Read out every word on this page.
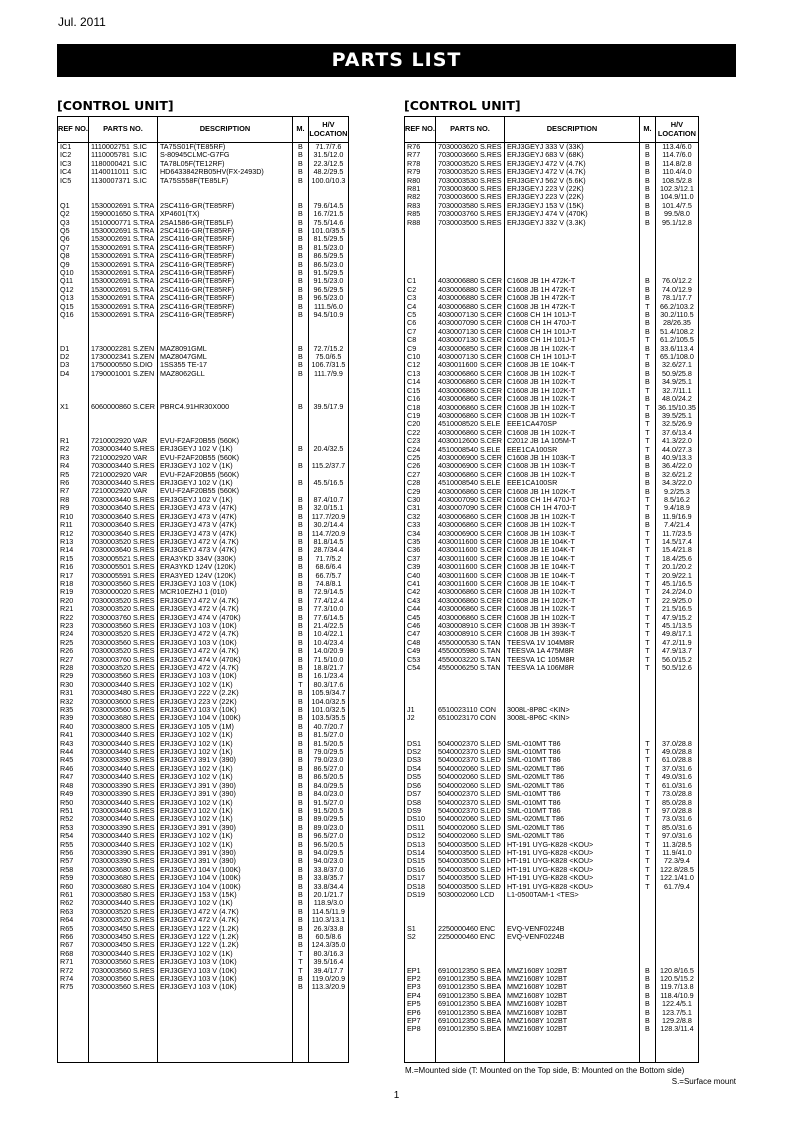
Jul. 2011
PARTS LIST
[CONTROL UNIT]	[CONTROL UNIT]
REF NO.	PARTS NO.		DESCRIPTION	M.	H/V LOCATION
IC1	1110002751	S.IC	TA75S01F(TE85RF)	B	71.7/7.6
IC2	1110005781	S.IC	S-80945CLMC-G7FG	B	31.5/12.0
IC3	1180000421	S.IC	TA78L05F(TE12RF)	B	22.3/12.5
IC4	1140011011	S.IC	HD6433842RB05HV(FX-2493D)	B	48.2/29.5
IC5	1130007371	S.IC	TA75S558F(TE85LF)	B	100.0/10.3

Q1	1530002691	S.TRA	2SC4116-GR(TE85RF)	B	79.6/14.5
Q2	1590001650	S.TRA	XP4601(TX)	B	16.7/21.5
Q3	1510000771	S.TRA	2SA1586-GR(TE85LF)	B	75.5/14.6
Q5	1530002691	S.TRA	2SC4116-GR(TE85RF)	B	101.0/35.5
Q6	1530002691	S.TRA	2SC4116-GR(TE85RF)	B	81.5/29.5
Q7	1530002691	S.TRA	2SC4116-GR(TE85RF)	B	81.5/23.0
Q8	1530002691	S.TRA	2SC4116-GR(TE85RF)	B	86.5/29.5
Q9	1530002691	S.TRA	2SC4116-GR(TE85RF)	B	86.5/23.0
Q10	1530002691	S.TRA	2SC4116-GR(TE85RF)	B	91.5/29.5
Q11	1530002691	S.TRA	2SC4116-GR(TE85RF)	B	91.5/23.0
Q12	1530002691	S.TRA	2SC4116-GR(TE85RF)	B	96.5/29.5
Q13	1530002691	S.TRA	2SC4116-GR(TE85RF)	B	96.5/23.0
Q15	1530002691	S.TRA	2SC4116-GR(TE85RF)	B	111.5/6.0
Q16	1530002691	S.TRA	2SC4116-GR(TE85RF)	B	94.5/10.9

D1	1730002281	S.ZEN	MAZ8091GML	B	72.7/15.2
D2	1730002341	S.ZEN	MAZ8047GML	B	75.0/6.5
D3	1750000550	S.DIO	1SS355 TE-17	B	106.7/31.5
D4	1790001001	S.ZEN	MAZ8062GLL	B	111.7/9.9

X1	6060000860	S.CER	PBRC4.91HR30X000	B	39.5/17.9

R1	7210002920	VAR	EVU-F2AF20B55 (560K)		
R2	7030003440	S.RES	ERJ3GEYJ 102 V (1K)	B	20.4/32.5
R3	7210002920	VAR	EVU-F2AF20B55 (560K)		
R4	7030003440	S.RES	ERJ3GEYJ 102 V (1K)	B	115.2/37.7
R5	7210002920	VAR	EVU-F2AF20B55 (560K)		
R6	7030003440	S.RES	ERJ3GEYJ 102 V (1K)	B	45.5/16.5
R7	7210002920	VAR	EVU-F2AF20B55 (560K)		
R8	7030003440	S.RES	ERJ3GEYJ 102 V (1K)	B	87.4/10.7
R9	7030003640	S.RES	ERJ3GEYJ 473 V (47K)	B	32.0/15.1
R10	7030003640	S.RES	ERJ3GEYJ 473 V (47K)	B	117.7/20.9
R11	7030003640	S.RES	ERJ3GEYJ 473 V (47K)	B	30.2/14.4
R12	7030003640	S.RES	ERJ3GEYJ 473 V (47K)	B	114.7/20.9
R13	7030003520	S.RES	ERJ3GEYJ 472 V (4.7K)	B	81.8/14.5
R14	7030003640	S.RES	ERJ3GEYJ 473 V (47K)	B	28.7/34.4
R15	7030005521	S.RES	ERA3YKD 334V (330K)	B	71.7/5.2
R16	7030005501	S.RES	ERA3YKD 124V (120K)	B	68.6/6.4
R17	7030005591	S.RES	ERA3YED 124V (120K)	B	66.7/5.7
R18	7030003560	S.RES	ERJ3GEYJ 103 V (10K)	B	74.8/8.1
R19	7030000020	S.RES	MCR10EZHJ 1 (010)	B	72.9/14.5
R20	7030003520	S.RES	ERJ3GEYJ 472 V (4.7K)	B	77.4/12.4
R21	7030003520	S.RES	ERJ3GEYJ 472 V (4.7K)	B	77.3/10.0
R22	7030003760	S.RES	ERJ3GEYJ 474 V (470K)	B	77.6/14.5
R23	7030003560	S.RES	ERJ3GEYJ 103 V (10K)	B	21.4/22.5
R24	7030003520	S.RES	ERJ3GEYJ 472 V (4.7K)	B	10.4/22.1
R25	7030003560	S.RES	ERJ3GEYJ 103 V (10K)	B	10.4/23.4
R26	7030003520	S.RES	ERJ3GEYJ 472 V (4.7K)	B	14.0/20.9
R27	7030003760	S.RES	ERJ3GEYJ 474 V (470K)	B	71.5/10.0
R28	7030003520	S.RES	ERJ3GEYJ 472 V (4.7K)	B	18.8/21.7
R29	7030003560	S.RES	ERJ3GEYJ 103 V (10K)	B	16.1/23.4
R30	7030003440	S.RES	ERJ3GEYJ 102 V (1K)	T	80.3/17.6
R31	7030003480	S.RES	ERJ3GEYJ 222 V (2.2K)	B	105.9/34.7
R32	7030003600	S.RES	ERJ3GEYJ 223 V (22K)	B	104.0/32.5
R35	7030003560	S.RES	ERJ3GEYJ 103 V (10K)	B	101.0/32.5
R39	7030003680	S.RES	ERJ3GEYJ 104 V (100K)	B	103.5/35.5
R40	7030003800	S.RES	ERJ3GEYJ 105 V (1M)	B	40.7/20.7
R41	7030003440	S.RES	ERJ3GEYJ 102 V (1K)	B	81.5/27.0
R43	7030003440	S.RES	ERJ3GEYJ 102 V (1K)	B	81.5/20.5
R44	7030003440	S.RES	ERJ3GEYJ 102 V (1K)	B	79.0/29.5
R45	7030003390	S.RES	ERJ3GEYJ 391 V (390)	B	79.0/23.0
R46	7030003440	S.RES	ERJ3GEYJ 102 V (1K)	B	86.5/27.0
R47	7030003440	S.RES	ERJ3GEYJ 102 V (1K)	B	86.5/20.5
R48	7030003390	S.RES	ERJ3GEYJ 391 V (390)	B	84.0/29.5
R49	7030003390	S.RES	ERJ3GEYJ 391 V (390)	B	84.0/23.0
R50	7030003440	S.RES	ERJ3GEYJ 102 V (1K)	B	91.5/27.0
R51	7030003440	S.RES	ERJ3GEYJ 102 V (1K)	B	91.5/20.5
R52	7030003440	S.RES	ERJ3GEYJ 102 V (1K)	B	89.0/29.5
R53	7030003390	S.RES	ERJ3GEYJ 391 V (390)	B	89.0/23.0
R54	7030003440	S.RES	ERJ3GEYJ 102 V (1K)	B	96.5/27.0
R55	7030003440	S.RES	ERJ3GEYJ 102 V (1K)	B	96.5/20.5
R56	7030003390	S.RES	ERJ3GEYJ 391 V (390)	B	94.0/29.5
R57	7030003390	S.RES	ERJ3GEYJ 391 V (390)	B	94.0/23.0
R58	7030003680	S.RES	ERJ3GEYJ 104 V (100K)	B	33.8/37.0
R59	7030003680	S.RES	ERJ3GEYJ 104 V (100K)	B	33.8/35.7
R60	7030003680	S.RES	ERJ3GEYJ 104 V (100K)	B	33.8/34.4
R61	7030003580	S.RES	ERJ3GEYJ 153 V (15K)	B	20.1/21.7
R62	7030003440	S.RES	ERJ3GEYJ 102 V (1K)	B	118.9/3.0
R63	7030003520	S.RES	ERJ3GEYJ 472 V (4.7K)	B	114.5/11.9
R64	7030003520	S.RES	ERJ3GEYJ 472 V (4.7K)	B	110.3/13.1
R65	7030003450	S.RES	ERJ3GEYJ 122 V (1.2K)	B	26.3/33.8
R66	7030003450	S.RES	ERJ3GEYJ 122 V (1.2K)	B	60.5/8.6
R67	7030003450	S.RES	ERJ3GEYJ 122 V (1.2K)	B	124.3/35.0
R68	7030003440	S.RES	ERJ3GEYJ 102 V (1K)	T	80.3/16.3
R71	7030003560	S.RES	ERJ3GEYJ 103 V (10K)	T	39.5/16.4
R72	7030003560	S.RES	ERJ3GEYJ 103 V (10K)	T	39.4/17.7
R74	7030003560	S.RES	ERJ3GEYJ 103 V (10K)	B	119.0/20.9
R75	7030003560	S.RES	ERJ3GEYJ 103 V (10K)	B	113.3/20.9

REF NO.	PARTS NO.		DESCRIPTION	M.	H/V LOCATION
R76	7030003620	S.RES	ERJ3GEYJ 333 V (33K)	B	113.4/6.0
R77	7030003660	S.RES	ERJ3GEYJ 683 V (68K)	B	114.7/6.0
R78	7030003520	S.RES	ERJ3GEYJ 472 V (4.7K)	B	114.8/2.8
R79	7030003520	S.RES	ERJ3GEYJ 472 V (4.7K)	B	110.4/4.0
R80	7030003530	S.RES	ERJ3GEYJ 562 V (5.6K)	B	108.5/2.8
R81	7030003600	S.RES	ERJ3GEYJ 223 V (22K)	B	102.3/12.1
R82	7030003600	S.RES	ERJ3GEYJ 223 V (22K)	B	104.9/11.0
R83	7030003580	S.RES	ERJ3GEYJ 153 V (15K)	B	101.4/7.5
R85	7030003760	S.RES	ERJ3GEYJ 474 V (470K)	B	99.5/8.0
R88	7030003500	S.RES	ERJ3GEYJ 332 V (3.3K)	B	95.1/12.8

C1	4030006880	S.CER	C1608 JB 1H 472K-T	B	76.0/12.2
C2	4030006880	S.CER	C1608 JB 1H 472K-T	B	74.0/12.9
C3	4030006880	S.CER	C1608 JB 1H 472K-T	B	78.1/17.7
C4	4030006880	S.CER	C1608 JB 1H 472K-T	T	66.2/103.2
C5	4030007130	S.CER	C1608 CH 1H 101J-T	B	30.2/110.5
C6	4030007090	S.CER	C1608 CH 1H 470J-T	B	28/26.35
C7	4030007130	S.CER	C1608 CH 1H 101J-T	B	51.4/108.2
C8	4030007130	S.CER	C1608 CH 1H 101J-T	T	61.2/105.5
C9	4030006850	S.CER	C1608 JB 1H 102K-T	B	33.6/113.4
C10	4030007130	S.CER	C1608 CH 1H 101J-T	T	65.1/108.0
C12	4030011600	S.CER	C1608 JB 1E 104K-T	B	32.6/27.1
C13	4030006860	S.CER	C1608 JB 1H 102K-T	B	50.9/25.8
C14	4030006860	S.CER	C1608 JB 1H 102K-T	B	34.9/25.1
C15	4030006860	S.CER	C1608 JB 1H 102K-T	T	32.7/11.1
C16	4030006860	S.CER	C1608 JB 1H 102K-T	B	48.0/24.2
C18	4030006860	S.CER	C1608 JB 1H 102K-T	T	36.15/10.35
C19	4030006860	S.CER	C1608 JB 1H 102K-T	B	39.5/25.1
C20	4510008520	S.ELE	EEE1CA470SP	T	32.5/26.9
C22	4030006860	S.CER	C1608 JB 1H 102K-T	T	37.6/13.4
C23	4030012600	S.CER	C2012 JB 1A 105M-T	T	41.3/22.0
C24	4510008540	S.ELE	EEE1CA100SR	T	44.0/27.3
C25	4030006900	S.CER	C1608 JB 1H 103K-T	B	40.9/13.3
C26	4030006900	S.CER	C1608 JB 1H 103K-T	B	36.4/22.0
C27	4030006860	S.CER	C1608 JB 1H 102K-T	B	32.6/21.2
C28	4510008540	S.ELE	EEE1CA100SR	B	34.3/22.0
C29	4030006860	S.CER	C1608 JB 1H 102K-T	B	9.2/25.3
C30	4030007090	S.CER	C1608 CH 1H 470J-T	T	8.5/16.2
C31	4030007090	S.CER	C1608 CH 1H 470J-T	T	9.4/18.9
C32	4030006860	S.CER	C1608 JB 1H 102K-T	B	11.9/16.9
C33	4030006860	S.CER	C1608 JB 1H 102K-T	B	7.4/21.4
C34	4030006900	S.CER	C1608 JB 1H 103K-T	T	11.7/23.5
C35	4030011600	S.CER	C1608 JB 1E 104K-T	T	14.5/17.4
C36	4030011600	S.CER	C1608 JB 1E 104K-T	T	15.4/21.8
C37	4030011600	S.CER	C1608 JB 1E 104K-T	T	18.4/25.6
C39	4030011600	S.CER	C1608 JB 1E 104K-T	T	20.1/20.2
C40	4030011600	S.CER	C1608 JB 1E 104K-T	T	20.9/22.1
C41	4030011600	S.CER	C1608 JB 1E 104K-T	T	45.1/16.5
C42	4030006860	S.CER	C1608 JB 1H 102K-T	T	24.2/24.0
C43	4030006860	S.CER	C1608 JB 1H 102K-T	T	22.9/25.0
C44	4030006860	S.CER	C1608 JB 1H 102K-T	T	21.5/16.5
C45	4030006860	S.CER	C1608 JB 1H 102K-T	T	47.9/15.2
C46	4030008910	S.CER	C1608 JB 1H 393K-T	T	45.1/13.5
C47	4030008910	S.CER	C1608 JB 1H 393K-T	T	49.8/17.1
C48	4550000530	S.TAN	TEESVA 1V 104M8R	T	47.2/11.9
C49	4550005980	S.TAN	TEESVA 1A 475M8R	T	47.9/13.7
C53	4550003220	S.TAN	TEESVA 1C 105M8R	T	56.0/15.2
C54	4550006250	S.TAN	TEESVA 1A 106M8R	T	50.5/12.6

J1	6510023110	CON	3008L-8P8C <KIN>		
J2	6510023170	CON	3008L-8P6C <KIN>		

DS1	5040002370	S.LED	SML-010MT T86	T	37.0/28.8
DS2	5040002370	S.LED	SML-010MT T86	T	49.0/28.8
DS3	5040002370	S.LED	SML-010MT T86	T	61.0/28.8
DS4	5040002060	S.LED	SML-020MLT T86	T	37.0/31.6
DS5	5040002060	S.LED	SML-020MLT T86	T	49.0/31.6
DS6	5040002060	S.LED	SML-020MLT T86	T	61.0/31.6
DS7	5040002370	S.LED	SML-010MT T86	T	73.0/28.8
DS8	5040002370	S.LED	SML-010MT T86	T	85.0/28.8
DS9	5040002370	S.LED	SML-010MT T86	T	97.0/28.8
DS10	5040002060	S.LED	SML-020MLT T86	T	73.0/31.6
DS11	5040002060	S.LED	SML-020MLT T86	T	85.0/31.6
DS12	5040002060	S.LED	SML-020MLT T86	T	97.0/31.6
DS13	5040003500	S.LED	HT-191 UYG-K828 <KOU>	T	11.3/28.5
DS14	5040003500	S.LED	HT-191 UYG-K828 <KOU>	T	11.9/41.0
DS15	5040003500	S.LED	HT-191 UYG-K828 <KOU>	T	72.3/9.4
DS16	5040003500	S.LED	HT-191 UYG-K828 <KOU>	T	122.8/28.5
DS17	5040003500	S.LED	HT-191 UYG-K828 <KOU>	T	122.1/41.0
DS18	5040003500	S.LED	HT-191 UYG-K828 <KOU>	T	61.7/9.4
DS19	5030002060	LCD	L1-0500TAM-1 <TES>		

S1	2250000460	ENC	EVQ-VENF0224B		
S2	2250000460	ENC	EVQ-VENF0224B		

EP1	6910012350	S.BEA	MMZ1608Y 102BT	B	120.8/16.5
EP2	6910012350	S.BEA	MMZ1608Y 102BT	B	120.5/15.2
EP3	6910012350	S.BEA	MMZ1608Y 102BT	B	119.7/13.8
EP4	6910012350	S.BEA	MMZ1608Y 102BT	B	118.4/10.9
EP5	6910012350	S.BEA	MMZ1608Y 102BT	B	122.4/5.1
EP6	6910012350	S.BEA	MMZ1608Y 102BT	B	123.7/5.1
EP7	6910012350	S.BEA	MMZ1608Y 102BT	B	129.2/8.8
EP8	6910012350	S.BEA	MMZ1608Y 102BT	B	128.3/11.4

M.=Mounted side (T: Mounted on the Top side, B: Mounted on the Bottom side)
S.=Surface mount
1
